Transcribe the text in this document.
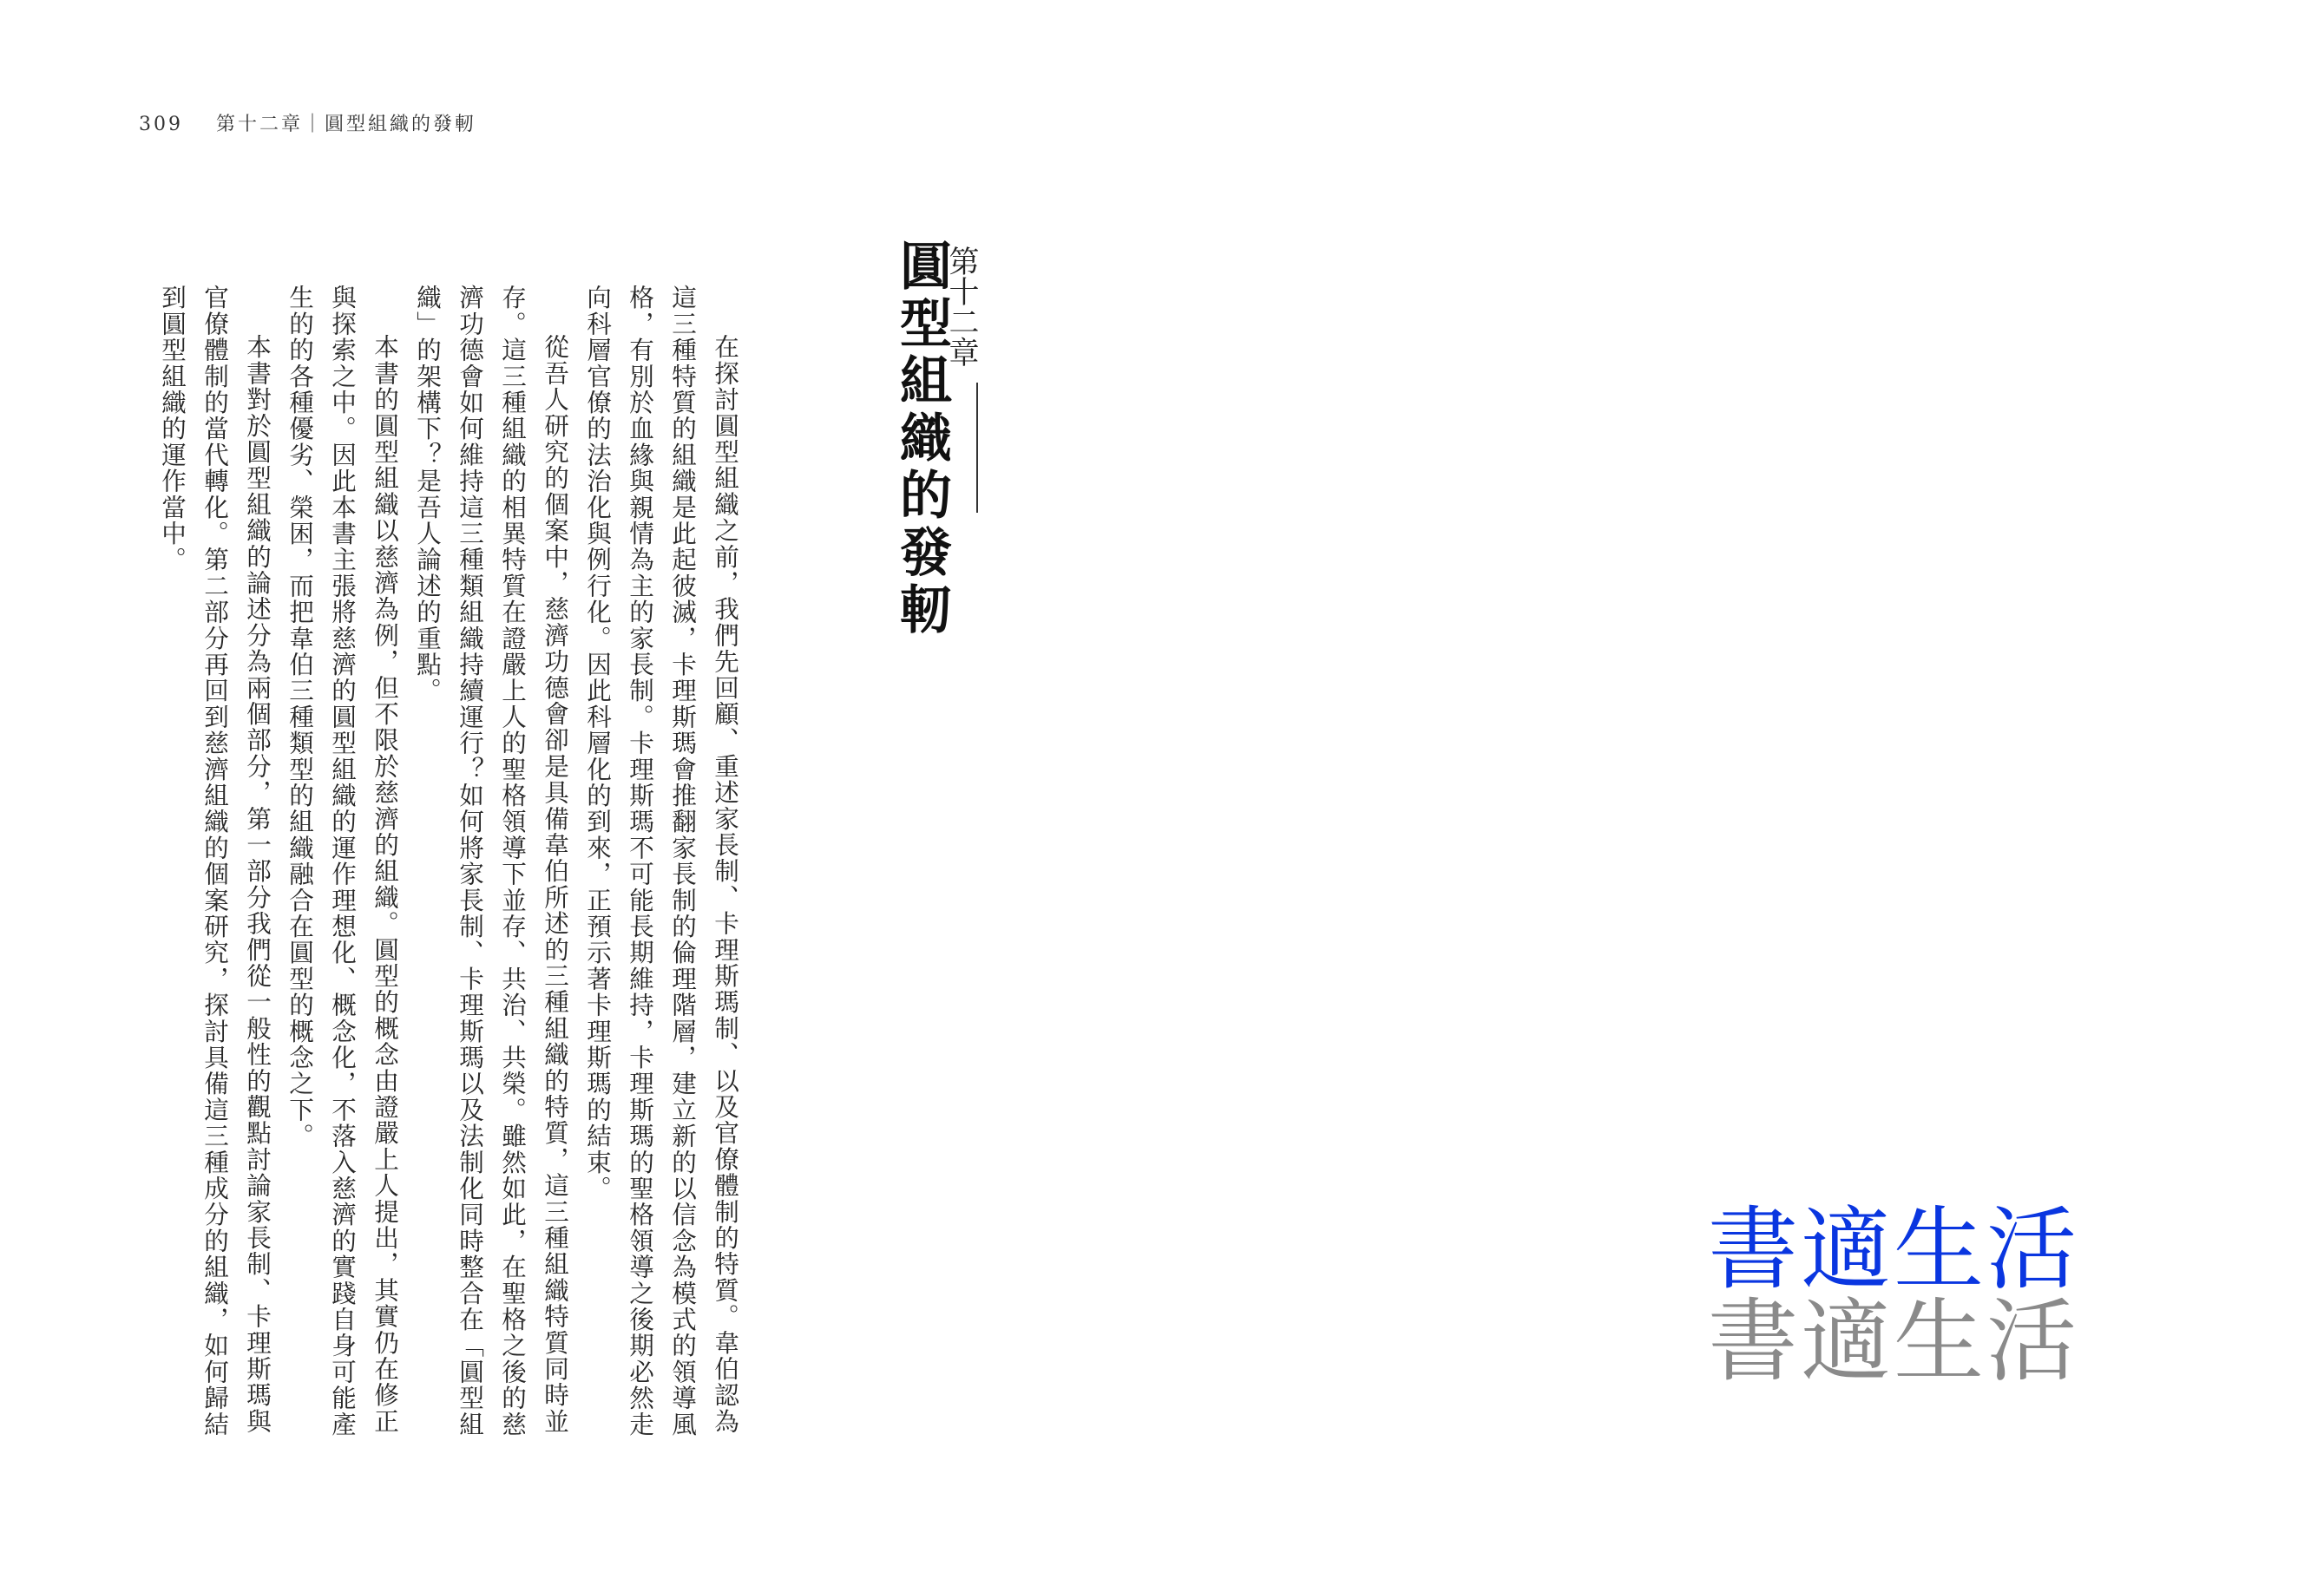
309 第十二章｜圓型組織的發軔
第十二章
圓型組織的發軔

在探討圓型組織之前，我們先回顧、重述家長制、卡理斯瑪制、以及官僚體制的特質。韋伯認為這三種特質的組織是此起彼滅，卡理斯瑪會推翻家長制的倫理階層，建立新的以信念為模式的領導風格，有別於血緣與親情為主的家長制。卡理斯瑪不可能長期維持，卡理斯瑪的聖格領導之後期必然走向科層官僚的法治化與例行化。因此科層化的到來，正預示著卡理斯瑪的結束。

從吾人研究的個案中，慈濟功德會卻是具備韋伯所述的三種組織的特質，這三種組織特質同時並存。這三種組織的相異特質在證嚴上人的聖格領導下並存、共治、共榮。雖然如此，在聖格之後的慈濟功德會如何維持這三種類組織持續運行？如何將家長制、卡理斯瑪以及法制化同時整合在「圓型組織」的架構下？是吾人論述的重點。

本書的圓型組織以慈濟為例，但不限於慈濟的組織。圓型的概念由證嚴上人提出，其實仍在修正與探索之中。因此本書主張將慈濟的圓型組織的運作理想化、概念化，不落入慈濟的實踐自身可能產生的的各種優劣、榮困，而把韋伯三種類型的組織融合在圓型的概念之下。

本書對於圓型組織的論述分為兩個部分，第一部分我們從一般性的觀點討論家長制、卡理斯瑪與官僚體制的當代轉化。第二部分再回到慈濟組織的個案研究，探討具備這三種成分的組織，如何歸結到圓型組織的運作當中。

書適生活
書適生活
